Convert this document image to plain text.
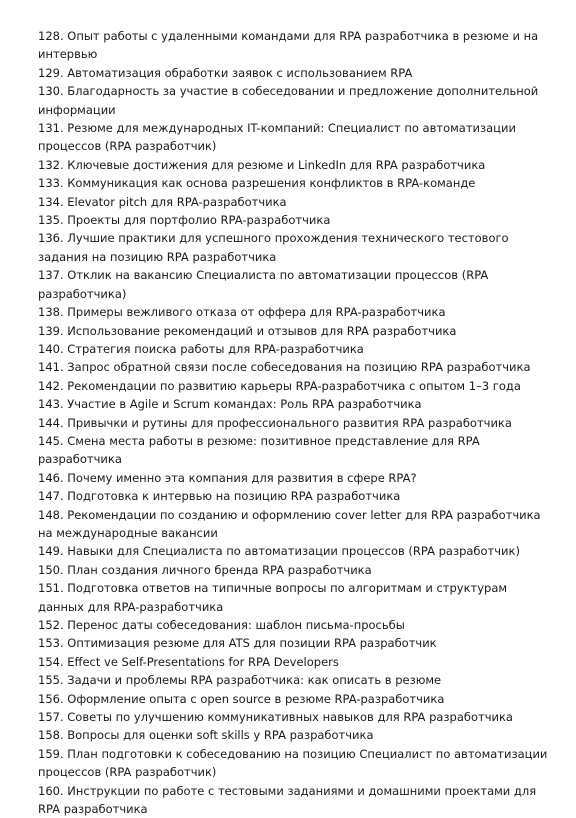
128. Опыт работы с удаленными командами для RPA разработчика в резюме и на интервью

129. Автоматизация обработки заявок с использованием RPA

130. Благодарность за участие в собеседовании и предложение дополнительной информации

131. Резюме для международных IT-компаний: Специалист по автоматизации процессов (RPA разработчик)

132. Ключевые достижения для резюме и LinkedIn для RPA разработчика

133. Коммуникация как основа разрешения конфликтов в RPA-команде

134. Elevator pitch для RPA-разработчика

135. Проекты для портфолио RPA-разработчика

136. Лучшие практики для успешного прохождения технического тестового задания на позицию RPA разработчика

137. Отклик на вакансию Специалиста по автоматизации процессов (RPA разработчика)

138. Примеры вежливого отказа от оффера для RPA-разработчика

139. Использование рекомендаций и отзывов для RPA разработчика

140. Стратегия поиска работы для RPA-разработчика

141. Запрос обратной связи после собеседования на позицию RPA разработчика

142. Рекомендации по развитию карьеры RPA-разработчика с опытом 1–3 года

143. Участие в Agile и Scrum командах: Роль RPA разработчика

144. Привычки и рутины для профессионального развития RPA разработчика

145. Смена места работы в резюме: позитивное представление для RPA разработчика

146. Почему именно эта компания для развития в сфере RPA?

147. Подготовка к интервью на позицию RPA разработчика

148. Рекомендации по созданию и оформлению cover letter для RPA разработчика на международные вакансии

149. Навыки для Специалиста по автоматизации процессов (RPA разработчик)

150. План создания личного бренда RPA разработчика

151. Подготовка ответов на типичные вопросы по алгоритмам и структурам данных для RPA-разработчика

152. Перенос даты собеседования: шаблон письма-просьбы

153. Оптимизация резюме для ATS для позиции RPA разработчик

154. Effect ve Self-Presentations for RPA Developers

155. Задачи и проблемы RPA разработчика: как описать в резюме

156. Оформление опыта с open source в резюме RPA-разработчика

157. Советы по улучшению коммуникативных навыков для RPA разработчика

158. Вопросы для оценки soft skills у RPA разработчика

159. План подготовки к собеседованию на позицию Специалист по автоматизации процессов (RPA разработчик)

160. Инструкции по работе с тестовыми заданиями и домашними проектами для RPA разработчика
